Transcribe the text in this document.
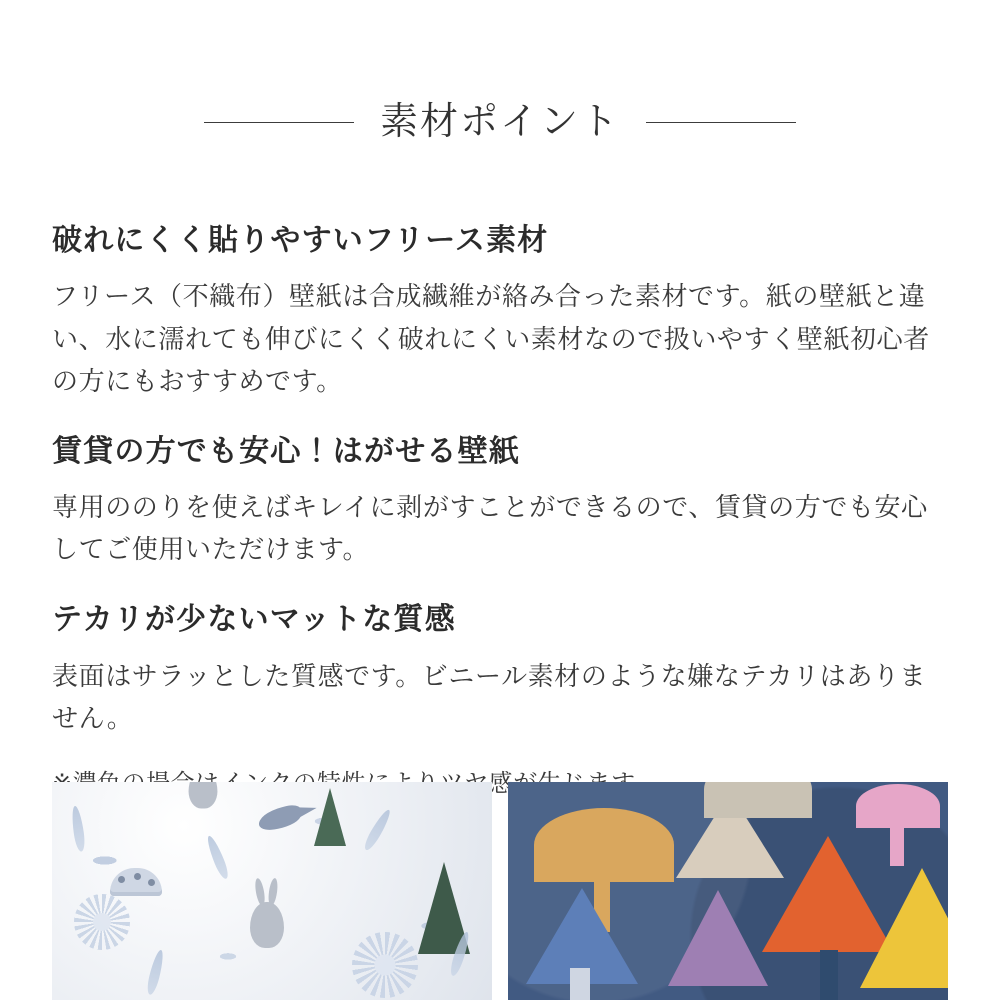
素材ポイント
破れにくく貼りやすいフリース素材

フリース（不織布）壁紙は合成繊維が絡み合った素材です。紙の壁紙と違い、水に濡れても伸びにくく破れにくい素材なので扱いやすく壁紙初心者の方にもおすすめです。

賃貸の方でも安心！はがせる壁紙

専用ののりを使えばキレイに剥がすことができるので、賃貸の方でも安心してご使用いただけます。

テカリが少ないマットな質感

表面はサラッとした質感です。ビニール素材のような嫌なテカリはありません。
